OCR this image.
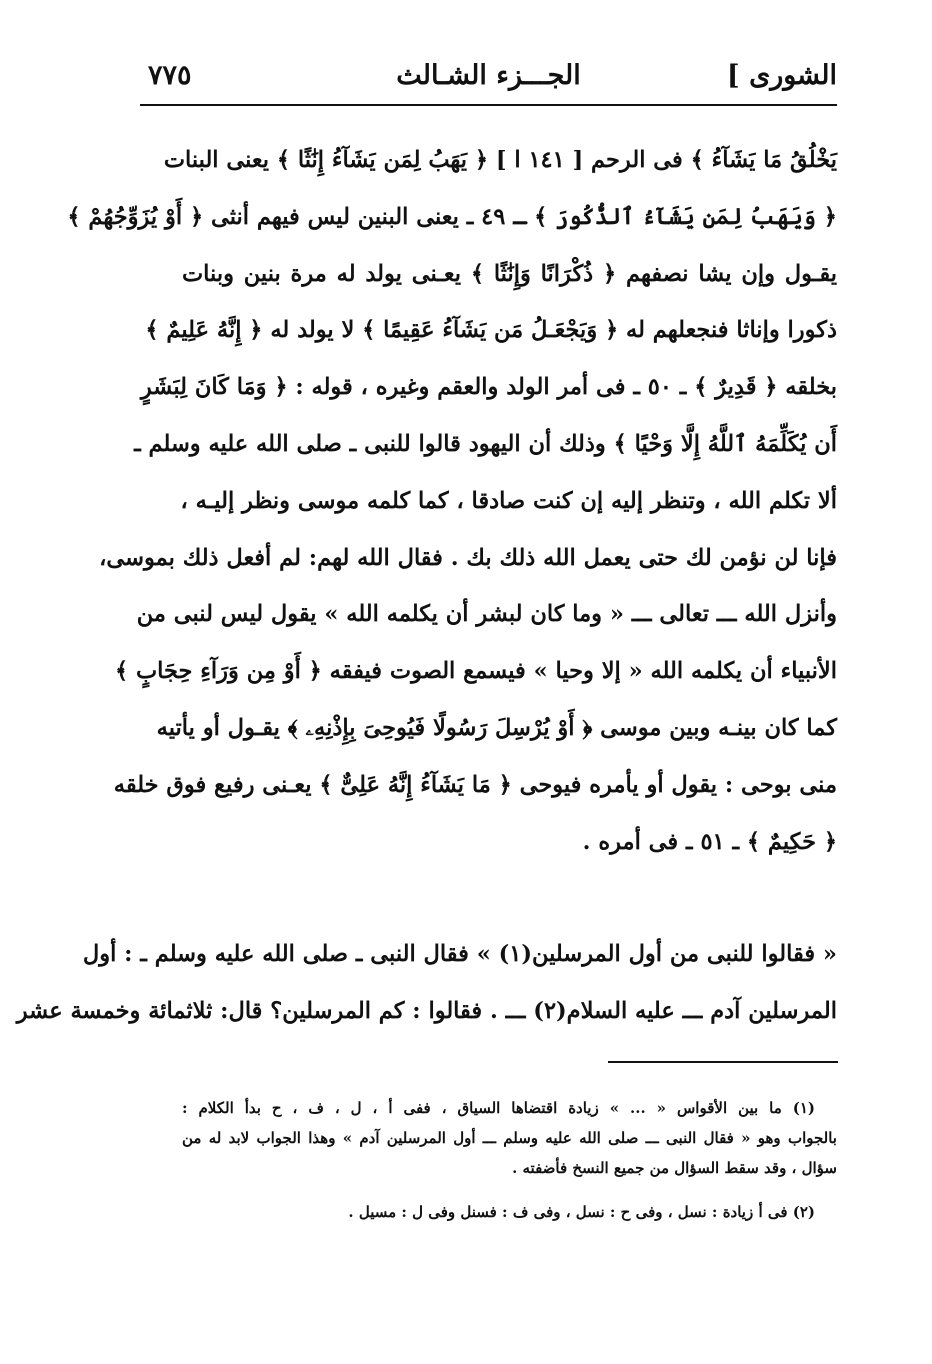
الشورى ]
الجـــزء الشـالث
٧٧٥
يَخْلُقُ مَا يَشَآءُ ﴾ فى الرحم [ ١٤١ ا ] ﴿ يَهَبُ لِمَن يَشَآءُ إِنَٰثًا ﴾ يعنى البنات
﴿ وَيَهَبُ لِمَن يَشَآءُ ٱلذُّكُورَ ﴾ ـ ٤٩ ـ يعنى البنين ليس فيهم أنثى ﴿ أَوْ يُزَوِّجُهُمْ ﴾
يقـول وإن يشا نصفهم ﴿ ذُكْرَانًا وَإِنَٰثًا ﴾ يعـنى يولد له مرة بنين وبنات
ذكورا وإناثا فنجعلهم له ﴿ وَيَجْعَـلُ مَن يَشَآءُ عَقِيمًا ﴾ لا يولد له ﴿ إِنَّهُ عَلِيمٌ ﴾
بخلقه ﴿ قَدِيرٌ ﴾ ـ ٥٠ ـ فى أمر الولد والعقم وغيره ، قوله : ﴿ وَمَا كَانَ لِبَشَرٍ
أَن يُكَلِّمَهُ ٱللَّهُ إِلَّا وَحْيًا ﴾ وذلك أن اليهود قالوا للنبى ـ صلى الله عليه وسلم ـ
ألا تكلم الله ، وتنظر إليه إن كنت صادقا ، كما كلمه موسى ونظر إليـه ،
فإنا لن نؤمن لك حتى يعمل الله ذلك بك . فقال الله لهم: لم أفعل ذلك بموسى،
وأنزل الله ـــ تعالى ـــ « وما كان لبشر أن يكلمه الله » يقول ليس لنبى من
الأنبياء أن يكلمه الله « إلا وحيا » فيسمع الصوت فيفقه ﴿ أَوْ مِن وَرَآءِ حِجَابٍ ﴾
كما كان بينـه وبين موسى ﴿ أَوْ يُرْسِلَ رَسُولًا فَيُوحِىَ بِإِذْنِهِۦ ﴾ يقـول أو يأتيه
منى بوحى : يقول أو يأمره فيوحى ﴿ مَا يَشَآءُ إِنَّهُ عَلِىٌّ ﴾ يعـنى رفيع فوق خلقه
﴿ حَكِيمٌ ﴾ ـ ٥١ ـ فى أمره .
« فقالوا للنبى من أول المرسلين(١) » فقال النبى ـ صلى الله عليه وسلم ـ : أول
المرسلين آدم ـــ عليه السلام(٢) ـــ . فقالوا : كم المرسلين؟ قال: ثلاثمائة وخمسة عشر
(١) ما بين الأقواس « ... » زيادة اقتضاها السياق ، ففى أ ، ل ، ف ، ح بدأ الكلام :
بالجواب وهو « فقال النبى ـــ صلى الله عليه وسلم ـــ أول المرسلين آدم » وهذا الجواب لابد له من
سؤال ، وقد سقط السؤال من جميع النسخ فأضفته .
(٢) فى أ زيادة : نسل ، وفى ح : نسل ، وفى ف : فسنل وفى ل : مسيل .
